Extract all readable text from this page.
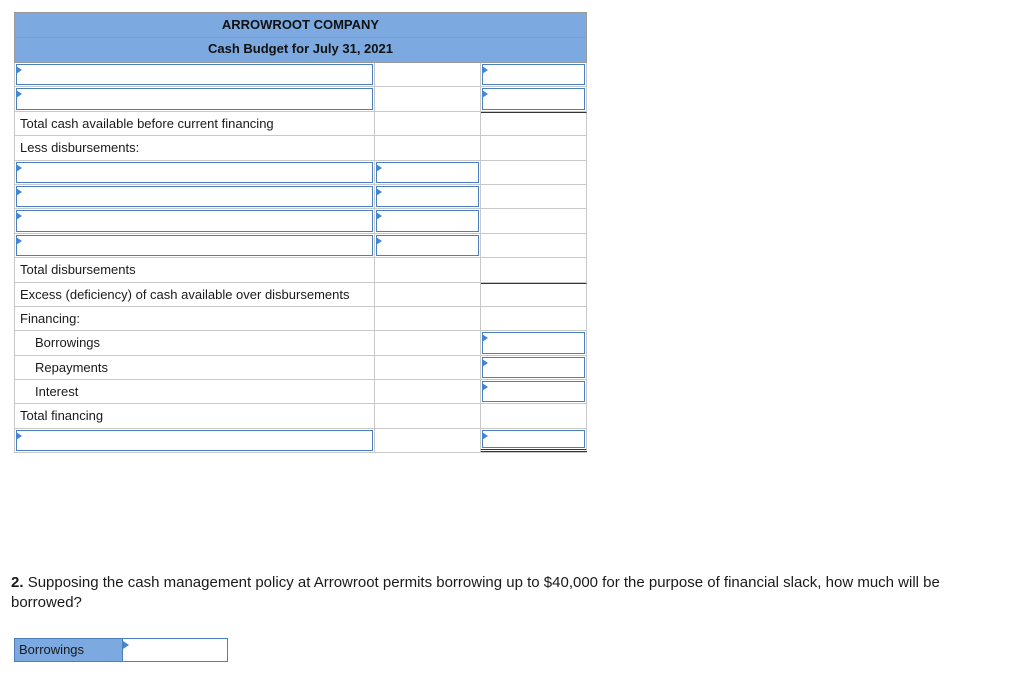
ARROWROOT COMPANY
Cash Budget for July 31, 2021
Total cash available before current financing
Less disbursements:
Total disbursements
Excess (deficiency) of cash available over disbursements
Financing:
Borrowings
Repayments
Interest
Total financing
2. Supposing the cash management policy at Arrowroot permits borrowing up to $40,000 for the purpose of financial slack, how much will be borrowed?
Borrowings
